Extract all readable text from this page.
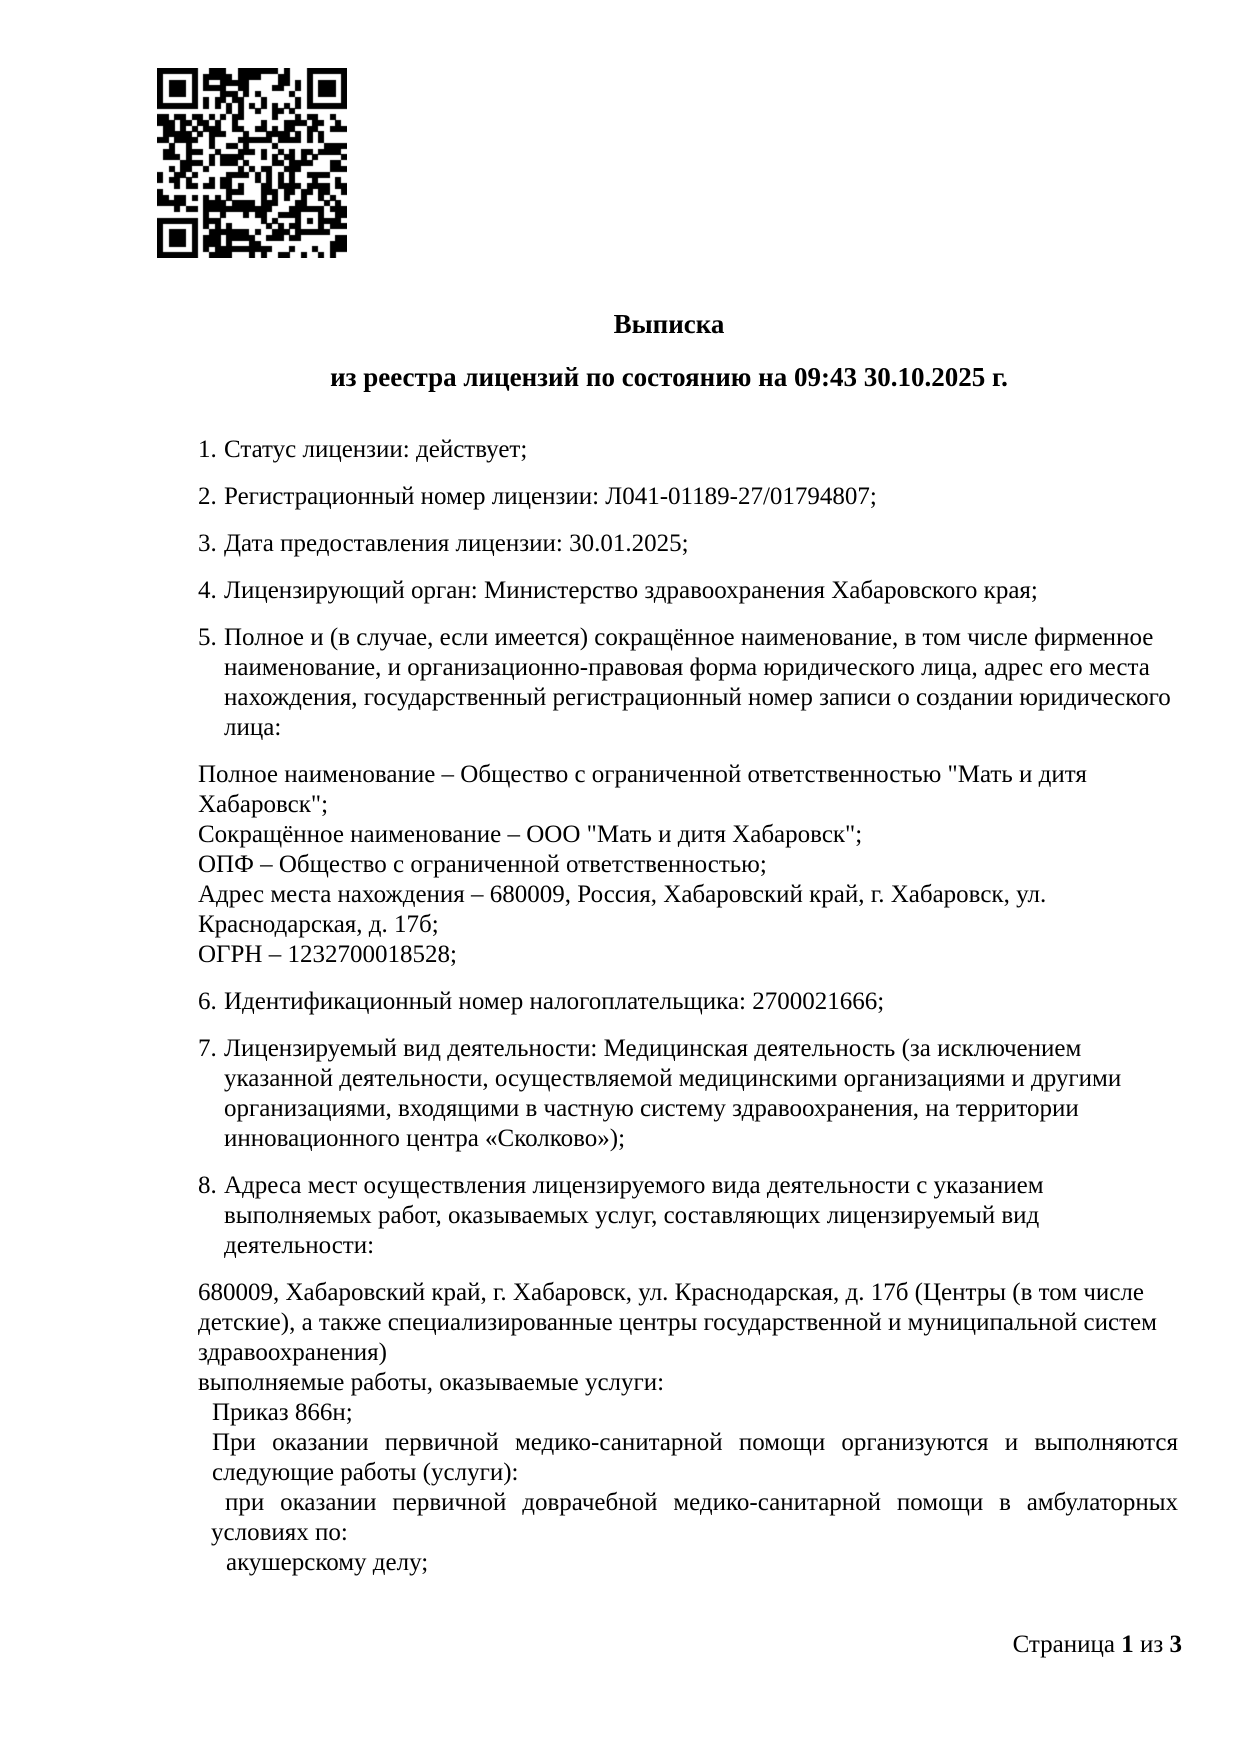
Выписка
из реестра лицензий по состоянию на 09:43 30.10.2025 г.
1. Статус лицензии: действует;
2. Регистрационный номер лицензии: Л041-01189-27/01794807;
3. Дата предоставления лицензии: 30.01.2025;
4. Лицензирующий орган: Министерство здравоохранения Хабаровского края;
5. Полное и (в случае, если имеется) сокращённое наименование, в том числе фирменное наименование, и организационно-правовая форма юридического лица, адрес его места нахождения, государственный регистрационный номер записи о создании юридического лица:
Полное наименование – Общество с ограниченной ответственностью "Мать и дитя Хабаровск";
Сокращённое наименование – ООО "Мать и дитя Хабаровск";
ОПФ – Общество с ограниченной ответственностью;
Адрес места нахождения – 680009, Россия, Хабаровский край, г. Хабаровск, ул. Краснодарская, д. 17б;
ОГРН – 1232700018528;
6. Идентификационный номер налогоплательщика: 2700021666;
7. Лицензируемый вид деятельности: Медицинская деятельность (за исключением указанной деятельности, осуществляемой медицинскими организациями и другими организациями, входящими в частную систему здравоохранения, на территории инновационного центра «Сколково»);
8. Адреса мест осуществления лицензируемого вида деятельности с указанием выполняемых работ, оказываемых услуг, составляющих лицензируемый вид деятельности:
680009, Хабаровский край, г. Хабаровск, ул. Краснодарская, д. 17б (Центры (в том числе детские), а также специализированные центры государственной и муниципальной систем здравоохранения)
выполняемые работы, оказываемые услуги:
Приказ 866н;
При оказании первичной медико-санитарной помощи организуются и выполняются следующие работы (услуги):
при оказании первичной доврачебной медико-санитарной помощи в амбулаторных условиях по:
акушерскому делу;
Страница 1 из 3
